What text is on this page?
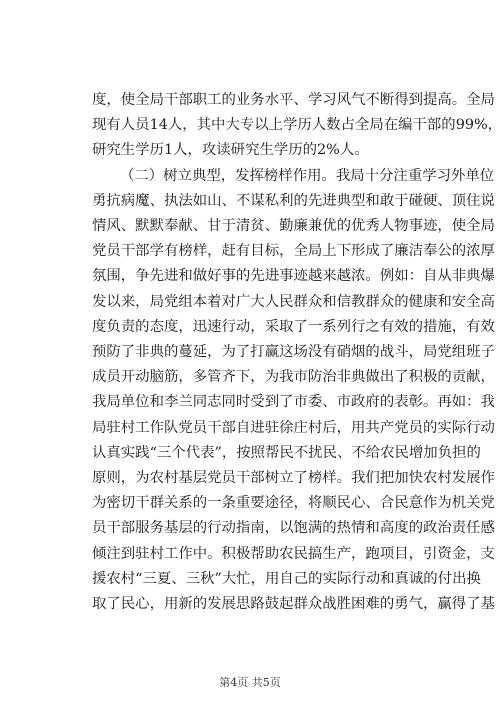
度，使全局干部职工的业务水平、学习风气不断得到提高。全局
现有人员14人，其中大专以上学历人数占全局在编干部的99%，
研究生学历1人，攻读研究生学历的2%人。

（二）树立典型，发挥榜样作用。我局十分注重学习外单位
勇抗病魔、执法如山、不谋私利的先进典型和敢于碰硬、顶住说
情风、默默奉献、甘于清贫、勤廉兼优的优秀人物事迹，使全局
党员干部学有榜样，赶有目标，全局上下形成了廉洁奉公的浓厚
氛围，争先进和做好事的先进事迹越来越浓。例如：自从非典爆
发以来，局党组本着对广大人民群众和信教群众的健康和安全高
度负责的态度，迅速行动，采取了一系列行之有效的措施，有效
预防了非典的蔓延，为了打赢这场没有硝烟的战斗，局党组班子
成员开动脑筋，多管齐下，为我市防治非典做出了积极的贡献，
我局单位和李兰同志同时受到了市委、市政府的表彰。再如：我
局驻村工作队党员干部自进驻徐庄村后，用共产党员的实际行动
认真实践“三个代表”，按照帮民不扰民、不给农民增加负担的
原则，为农村基层党员干部树立了榜样。我们把加快农村发展作
为密切干群关系的一条重要途径，将顺民心、合民意作为机关党
员干部服务基层的行动指南，以饱满的热情和高度的政治责任感
倾注到驻村工作中。积极帮助农民搞生产，跑项目，引资金，支
援农村“三夏、三秋”大忙，用自己的实际行动和真诚的付出换
取了民心，用新的发展思路鼓起群众战胜困难的勇气，赢得了基

第4页 共5页
